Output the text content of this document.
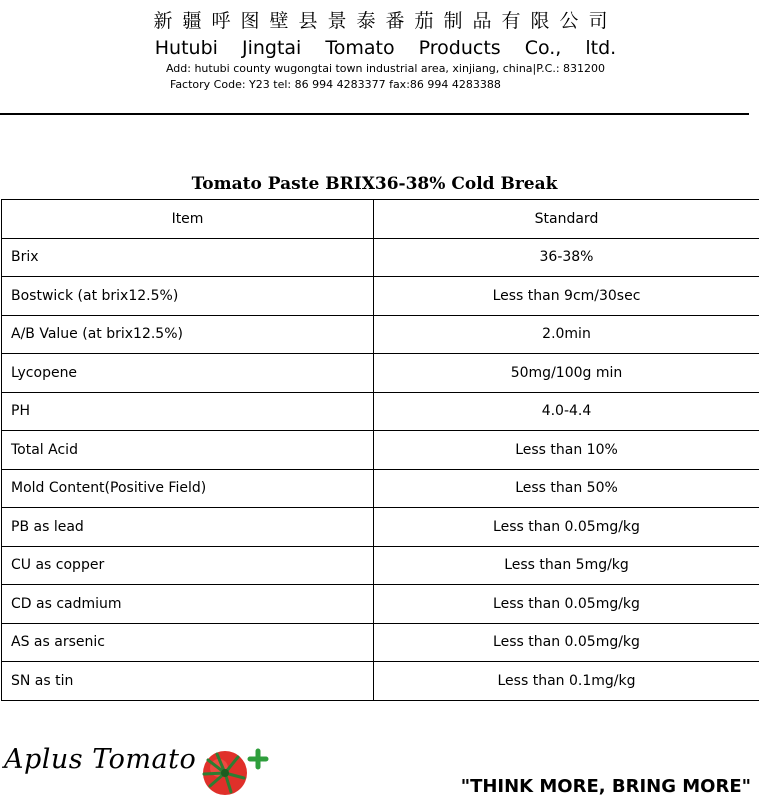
新疆呼图壁县景泰番茄制品有限公司
Hutubi Jingtai Tomato Products Co., ltd.
Add: hutubi county wugongtai town industrial area, xinjiang, china|P.C.: 831200
Factory Code: Y23 tel: 86 994 4283377 fax:86 994 4283388
Tomato Paste BRIX36-38% Cold Break
Item	Standard
Brix	36-38%
Bostwick (at brix12.5%)	Less than 9cm/30sec
A/B Value (at brix12.5%)	2.0min
Lycopene	50mg/100g min
PH	4.0-4.4
Total Acid	Less than 10%
Mold Content(Positive Field)	Less than 50%
PB as lead	Less than 0.05mg/kg
CU as copper	Less than 5mg/kg
CD as cadmium	Less than 0.05mg/kg
AS as arsenic	Less than 0.05mg/kg
SN as tin	Less than 0.1mg/kg
Aplus Tomato
"THINK MORE, BRING MORE"
